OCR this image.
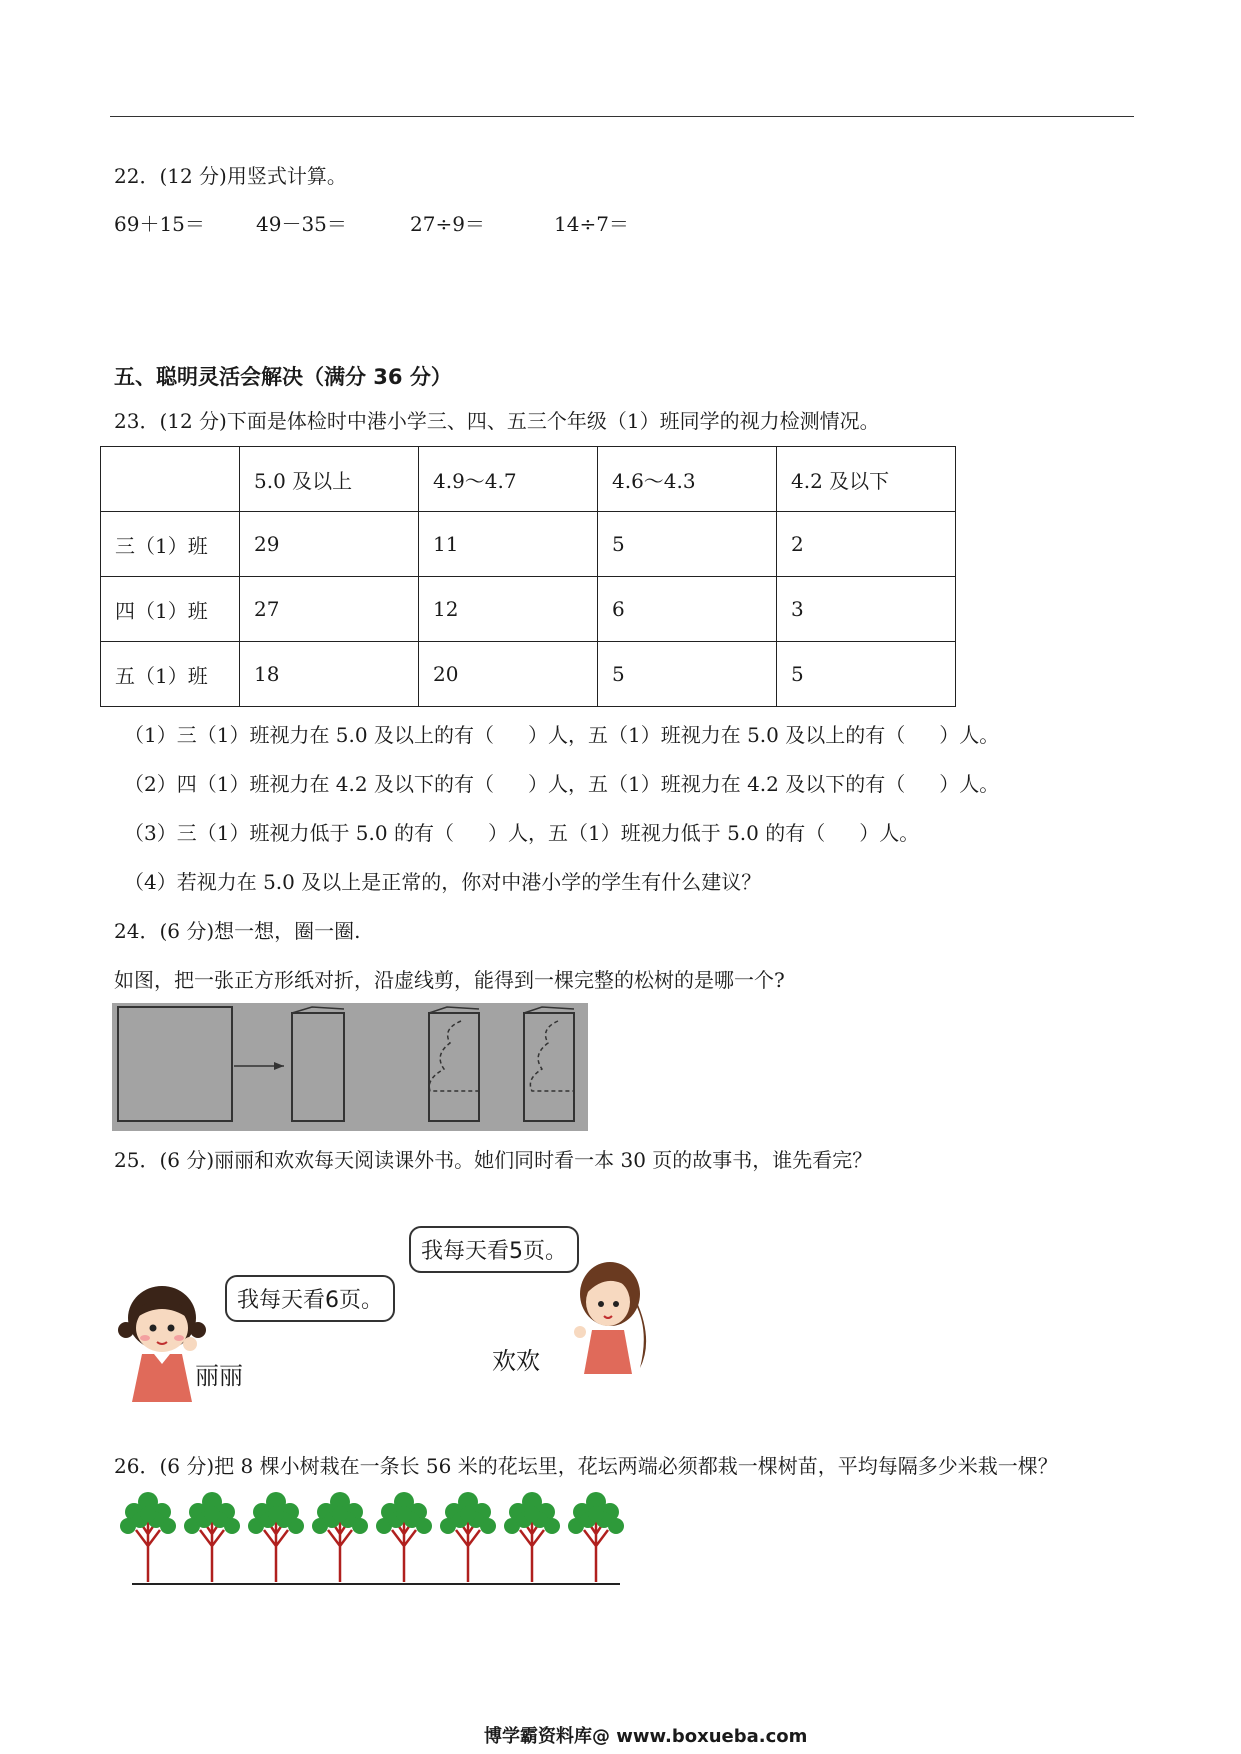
22．(12 分)用竖式计算。
69＋15＝	49－35＝	27÷9＝	14÷7＝
五、聪明灵活会解决（满分 36 分）
23．(12 分)下面是体检时中港小学三、四、五三个年级（1）班同学的视力检测情况。
	5.0 及以上	4.9～4.7	4.6～4.3	4.2 及以下
三（1）班	29	11	5	2
四（1）班	27	12	6	3
五（1）班	18	20	5	5
（1）三（1）班视力在 5.0 及以上的有（ ）人，五（1）班视力在 5.0 及以上的有（ ）人。
（2）四（1）班视力在 4.2 及以下的有（ ）人，五（1）班视力在 4.2 及以下的有（ ）人。
（3）三（1）班视力低于 5.0 的有（ ）人，五（1）班视力低于 5.0 的有（ ）人。
（4）若视力在 5.0 及以上是正常的，你对中港小学的学生有什么建议？
24．(6 分)想一想，圈一圈.
如图，把一张正方形纸对折，沿虚线剪，能得到一棵完整的松树的是哪一个?
25．(6 分)丽丽和欢欢每天阅读课外书。她们同时看一本 30 页的故事书，谁先看完？
我每天看5页。
我每天看6页。
丽丽
欢欢
26．(6 分)把 8 棵小树栽在一条长 56 米的花坛里，花坛两端必须都栽一棵树苗，平均每隔多少米栽一棵？
博学霸资料库@ www.boxueba.com
